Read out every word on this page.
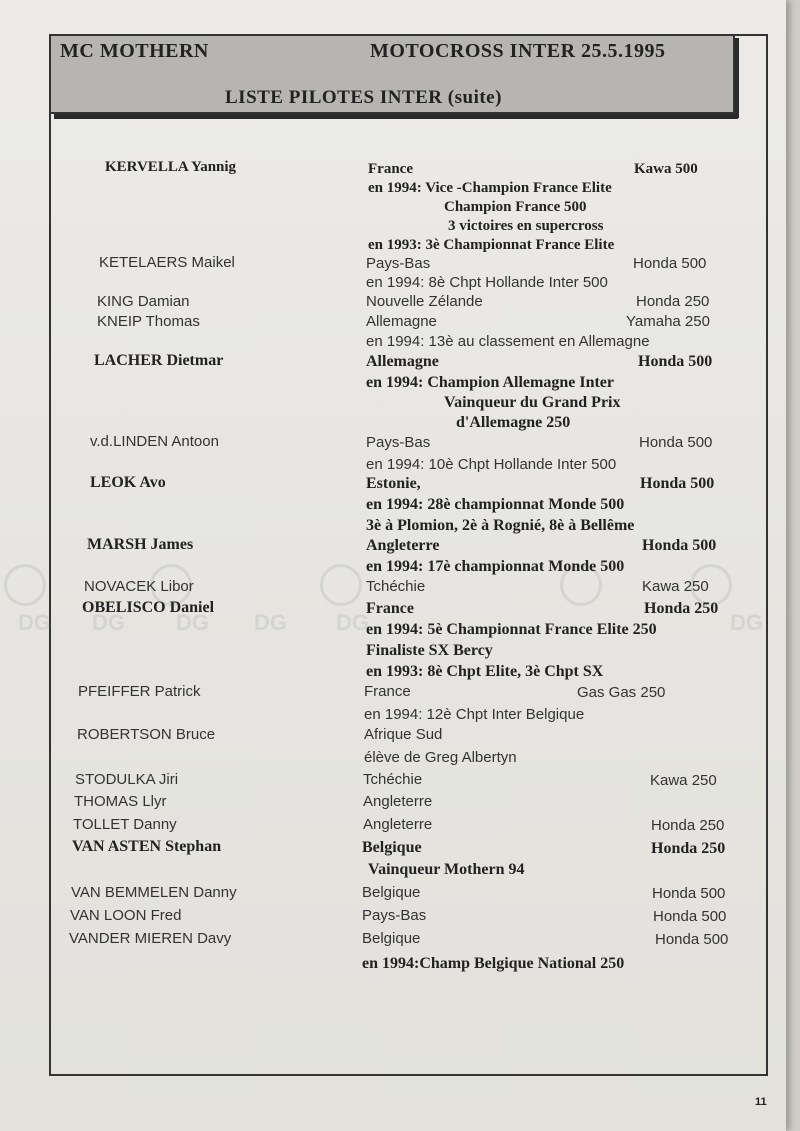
MC MOTHERN	MOTOCROSS INTER 25.5.1995
LISTE PILOTES INTER (suite)
DG DG DG DG DG	DG
KERVELLA Yannig	France	Kawa 500
en 1994: Vice -Champion France Elite
Champion France 500
3 victoires en supercross
en 1993: 3è Championnat France Elite
KETELAERS Maikel	Pays-Bas	Honda 500
en 1994: 8è Chpt Hollande Inter 500
KING Damian	Nouvelle Zélande	Honda 250
KNEIP Thomas	Allemagne	Yamaha 250
en 1994: 13è au classement en Allemagne
LACHER Dietmar	Allemagne	Honda 500
en 1994: Champion Allemagne Inter
Vainqueur du Grand Prix
d'Allemagne 250
v.d.LINDEN Antoon	Pays-Bas	Honda 500
en 1994: 10è Chpt Hollande Inter 500
LEOK Avo	Estonie,	Honda 500
en 1994: 28è championnat Monde 500
3è à Plomion, 2è à Rognié, 8è à Bellême
MARSH James	Angleterre	Honda 500
en 1994: 17è championnat Monde 500
NOVACEK Libor	Tchéchie	Kawa 250
OBELISCO Daniel	France	Honda 250
en 1994: 5è Championnat France Elite 250
Finaliste SX Bercy
en 1993: 8è Chpt Elite, 3è Chpt SX
PFEIFFER Patrick	France	Gas Gas 250
en 1994: 12è Chpt Inter Belgique
ROBERTSON Bruce	Afrique Sud
élève de Greg Albertyn
STODULKA Jiri	Tchéchie	Kawa 250
THOMAS Llyr	Angleterre
TOLLET Danny	Angleterre	Honda 250
VAN ASTEN Stephan	Belgique	Honda 250
Vainqueur Mothern 94
VAN BEMMELEN Danny	Belgique	Honda 500
VAN LOON Fred	Pays-Bas	Honda 500
VANDER MIEREN Davy	Belgique	Honda 500
en 1994:Champ Belgique National 250
11
